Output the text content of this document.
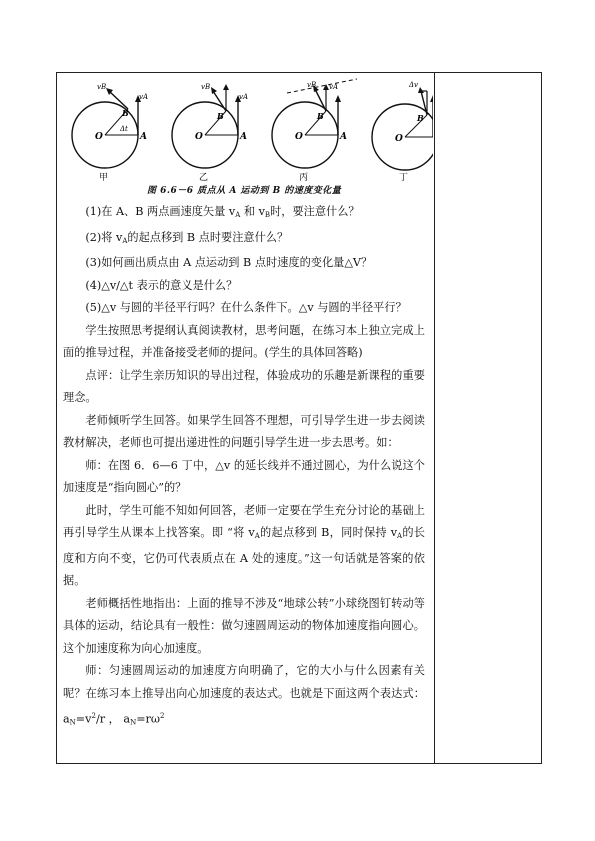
O	A
B
Δt
vA
vB
甲
O	A
B
vA
vB
乙
O	A
B
vA
vB
丙
O
B
Δv
丁
图 6.6－6 质点从 A 运动到 B 的速度变化量

(1)在 A、B 两点画速度矢量 $v_A$ 和 $v_B$时，要注意什么？

(2)将 $v_A$的起点移到 B 点时要注意什么？

(3)如何画出质点由 A 点运动到 B 点时速度的变化量△V？

(4)△v/△t 表示的意义是什么？

(5)△v 与圆的半径平行吗？在什么条件下。△v 与圆的半径平行？

学生按照思考提纲认真阅读教材，思考问题，在练习本上独立完成上面的推导过程，并准备接受老师的提问。(学生的具体回答略)

点评：让学生亲历知识的导出过程，体验成功的乐趣是新课程的重要理念。

老师倾听学生回答。如果学生回答不理想，可引导学生进一步去阅读教材解决，老师也可提出递进性的问题引导学生进一步去思考。如：

师：在图 6．6—6 丁中，△v 的延长线并不通过圆心，为什么说这个加速度是“指向圆心”的？

此时，学生可能不知如何回答，老师一定要在学生充分讨论的基础上再引导学生从课本上找答案。即 “将 $v_A$的起点移到 B，同时保持 $v_A$的长度和方向不变，它仍可代表质点在 A 处的速度。”这一句话就是答案的依据。

老师概括性地指出：上面的推导不涉及“地球公转”小球绕图钉转动等具体的运动，结论具有一般性：做匀速圆周运动的物体加速度指向圆心。这个加速度称为向心加速度。

师：匀速圆周运动的加速度方向明确了，它的大小与什么因素有关呢？在练习本上推导出向心加速度的表达式。也就是下面这两个表达式：$a_N=v^2/r$ ， $a_N=r\omega^2$
